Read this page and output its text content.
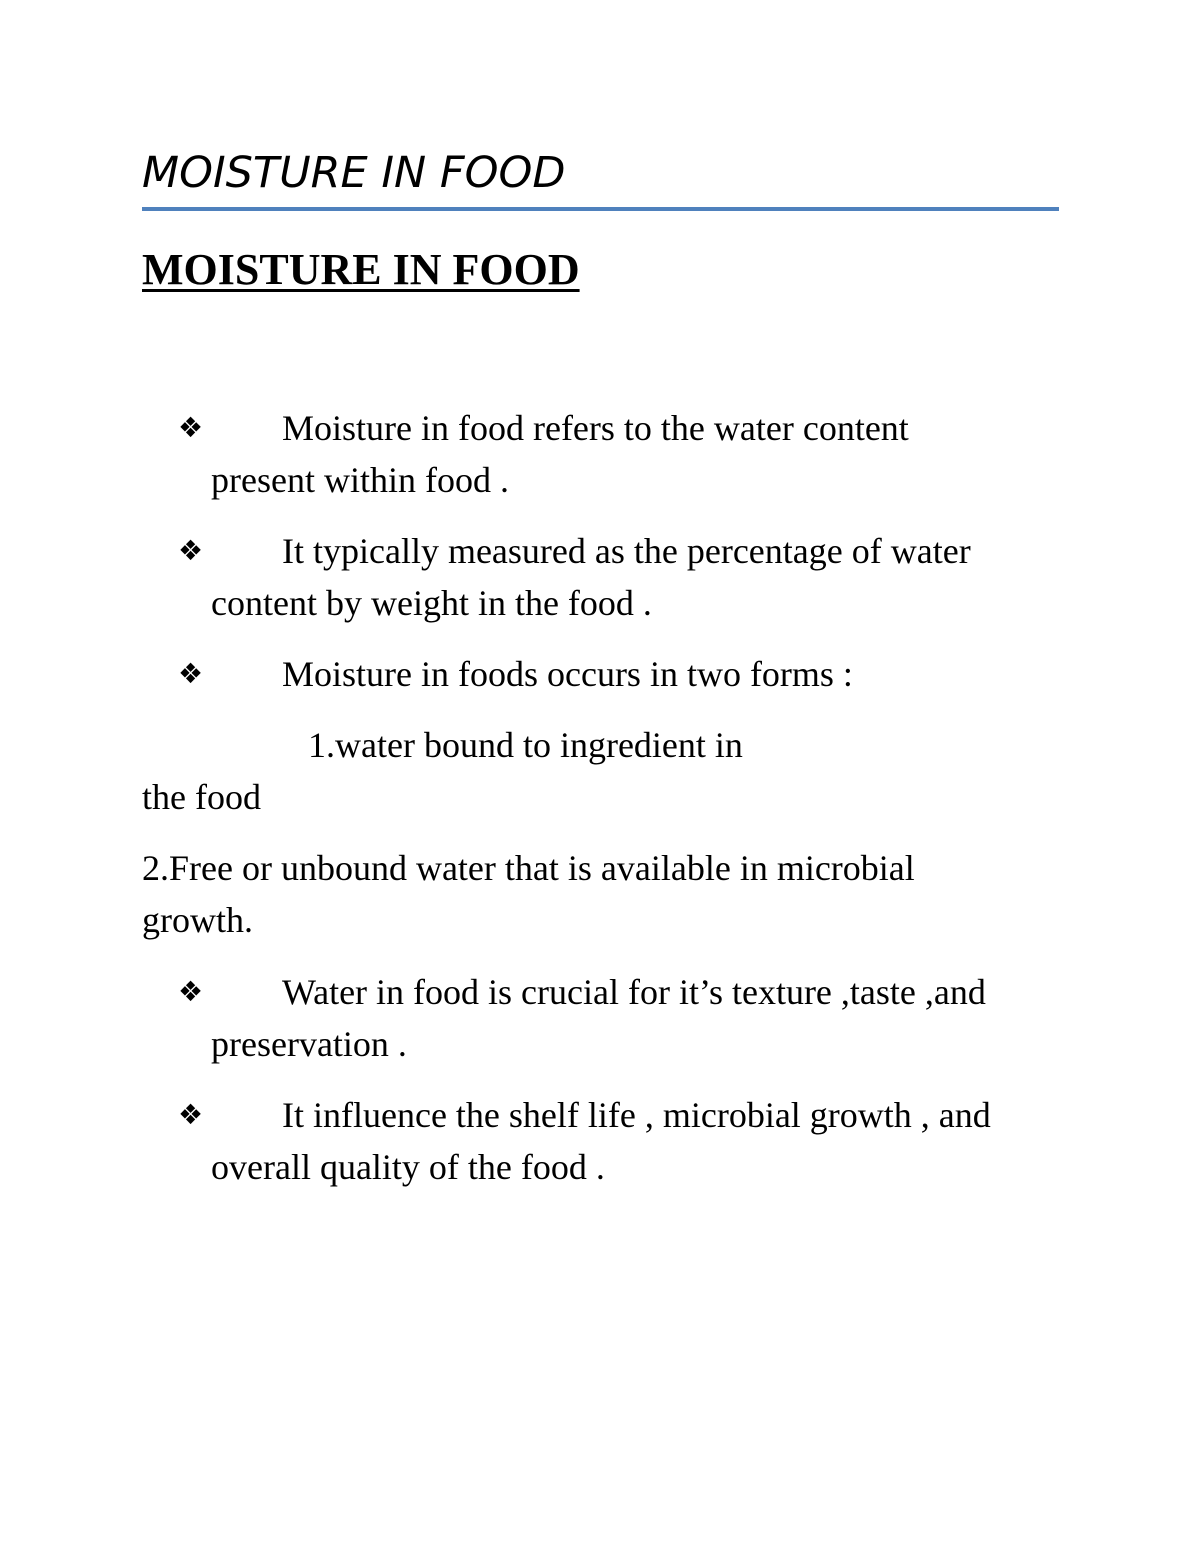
MOISTURE IN FOOD
MOISTURE IN FOOD
❖ Moisture in food refers to the water content

present within food .

❖ It typically measured as the percentage of water

content by weight in the food .

❖ Moisture in foods occurs in two forms :

1.water bound to ingredient in

the food

2.Free or unbound water that is available in microbial

growth.

❖ Water in food is crucial for it’s texture ,taste ,and

preservation .

❖ It influence the shelf life , microbial growth , and

overall quality of the food .
